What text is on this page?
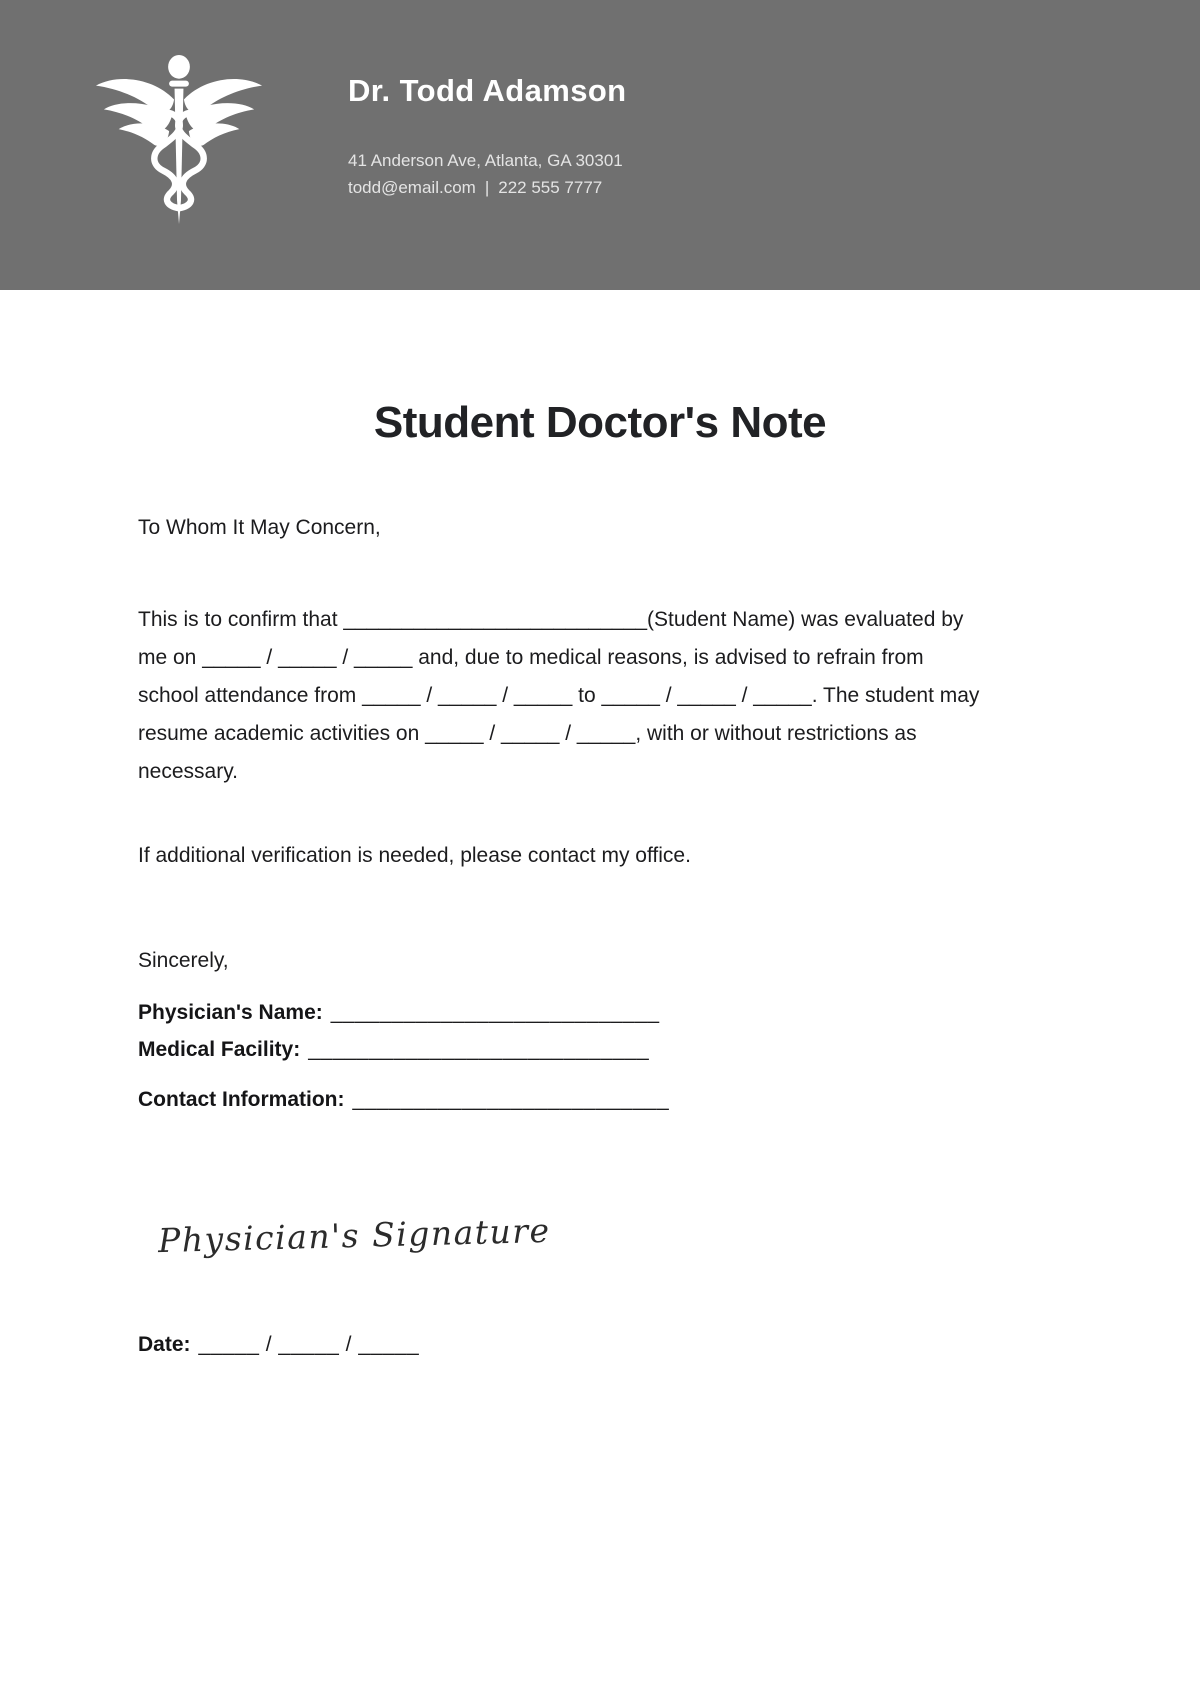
Dr. Todd Adamson
41 Anderson Ave, Atlanta, GA 30301
todd@email.com | 222 555 7777
Student Doctor's Note

To Whom It May Concern,

This is to confirm that __________________________(Student Name) was evaluated by
me on _____ / _____ / _____ and, due to medical reasons, is advised to refrain from
school attendance from _____ / _____ / _____ to _____ / _____ / _____. The student may
resume academic activities on _____ / _____ / _____, with or without restrictions as
necessary.

If additional verification is needed, please contact my office.

Sincerely,

Physician's Name: ___________________________
Medical Facility: ____________________________
Contact Information: __________________________
Physician's Signature
Date: _____ / _____ / _____
